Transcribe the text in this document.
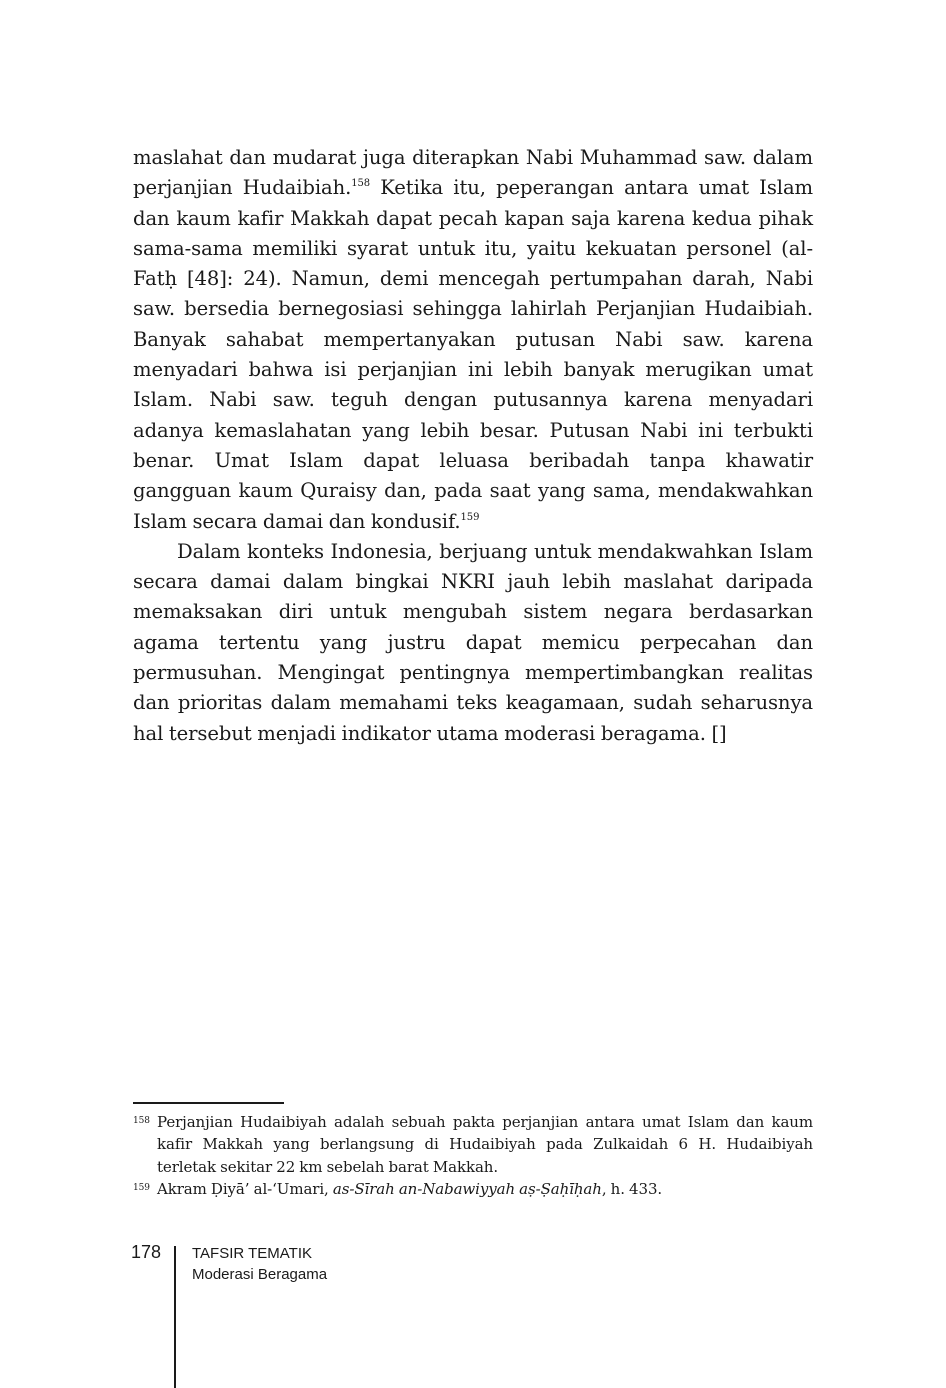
maslahat dan mudarat juga diterapkan Nabi Muhammad saw. dalam perjanjian Hudaibiah.$^{158}$ Ketika itu, peperangan antara umat Islam dan kaum kafir Makkah dapat pecah kapan saja karena kedua pihak sama-sama memiliki syarat untuk itu, yaitu kekuatan personel (al-Fatḥ [48]: 24). Namun, demi mencegah pertumpahan darah, Nabi saw. bersedia bernegosiasi sehingga lahirlah Perjanjian Hudaibiah. Banyak sahabat mempertanyakan putusan Nabi saw. karena menyadari bahwa isi perjanjian ini lebih banyak merugikan umat Islam. Nabi saw. teguh dengan putusannya karena menyadari adanya kemaslahatan yang lebih besar. Putusan Nabi ini terbukti benar. Umat Islam dapat leluasa beribadah tanpa khawatir gangguan kaum Quraisy dan, pada saat yang sama, mendakwahkan Islam secara damai dan kondusif.$^{159}$

Dalam konteks Indonesia, berjuang untuk mendakwahkan Islam secara damai dalam bingkai NKRI jauh lebih maslahat daripada memaksakan diri untuk mengubah sistem negara berdasarkan agama tertentu yang justru dapat memicu perpecahan dan permusuhan. Mengingat pentingnya mempertimbangkan realitas dan prioritas dalam memahami teks keagamaan, sudah seharusnya hal tersebut menjadi indikator utama moderasi beragama. []

158 Perjanjian Hudaibiyah adalah sebuah pakta perjanjian antara umat Islam dan kaum kafir Makkah yang berlangsung di Hudaibiyah pada Zulkaidah 6 H. Hudaibiyah terletak sekitar 22 km sebelah barat Makkah.
159 Akram Ḍiyā’ al-‘Umari, as-Sīrah an-Nabawiyyah aṣ-Ṣaḥīḥah, h. 433.
178 TAFSIR TEMATIK
Moderasi Beragama
